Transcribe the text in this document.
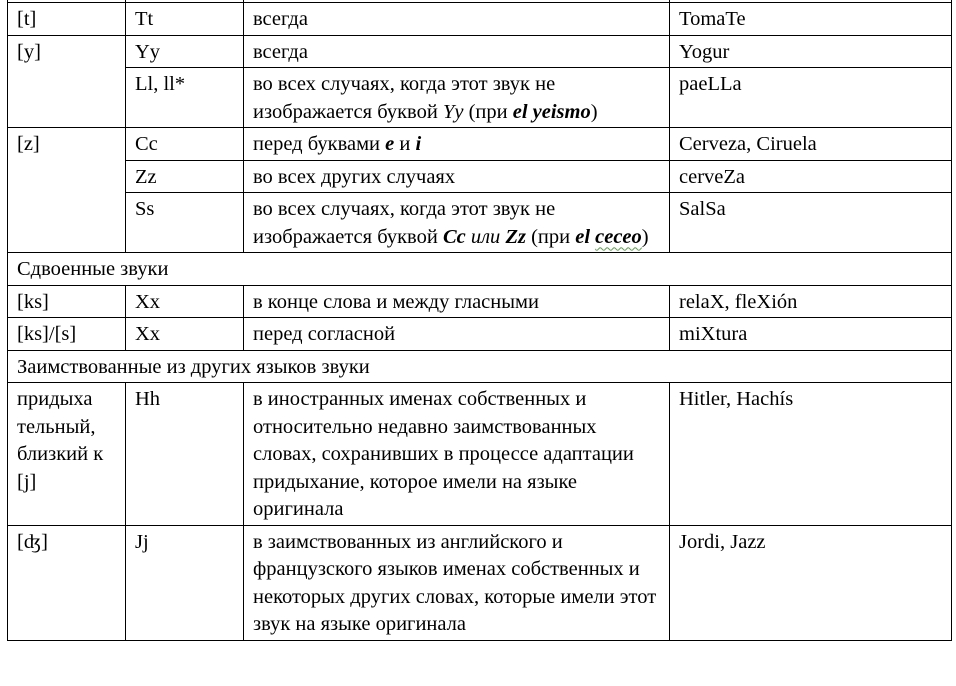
[t]	Tt	всегда	TomaTe
[y]	Yy	всегда	Yogur
	Ll, ll*	во всех случаях, когда этот звук не изображается буквой Yy (при el yeismo)	paeLLa
[z]	Cc	перед буквами e и i	Cerveza, Ciruela
	Zz	во всех других случаях	cerveZa
	Ss	во всех случаях, когда этот звук не изображается буквой Cc или Zz (при el ceceo)	SalSa
Сдвоенные звуки			
[ks]	Xx	в конце слова и между гласными	relaX, fleXión
[ks]/[s]	Xx	перед согласной	miXtura
Заимствованные из других языков звуки			
придыха тельный, близкий к [j]	Hh	в иностранных именах собственных и относительно недавно заимствованных словах, сохранивших в процессе адаптации придыхание, которое имели на языке оригинала	Hitler, Hachís
[ʤ]	Jj	в заимствованных из английского и французского языков именах собственных и некоторых других словах, которые имели этот звук на языке оригинала	Jordi, Jazz
